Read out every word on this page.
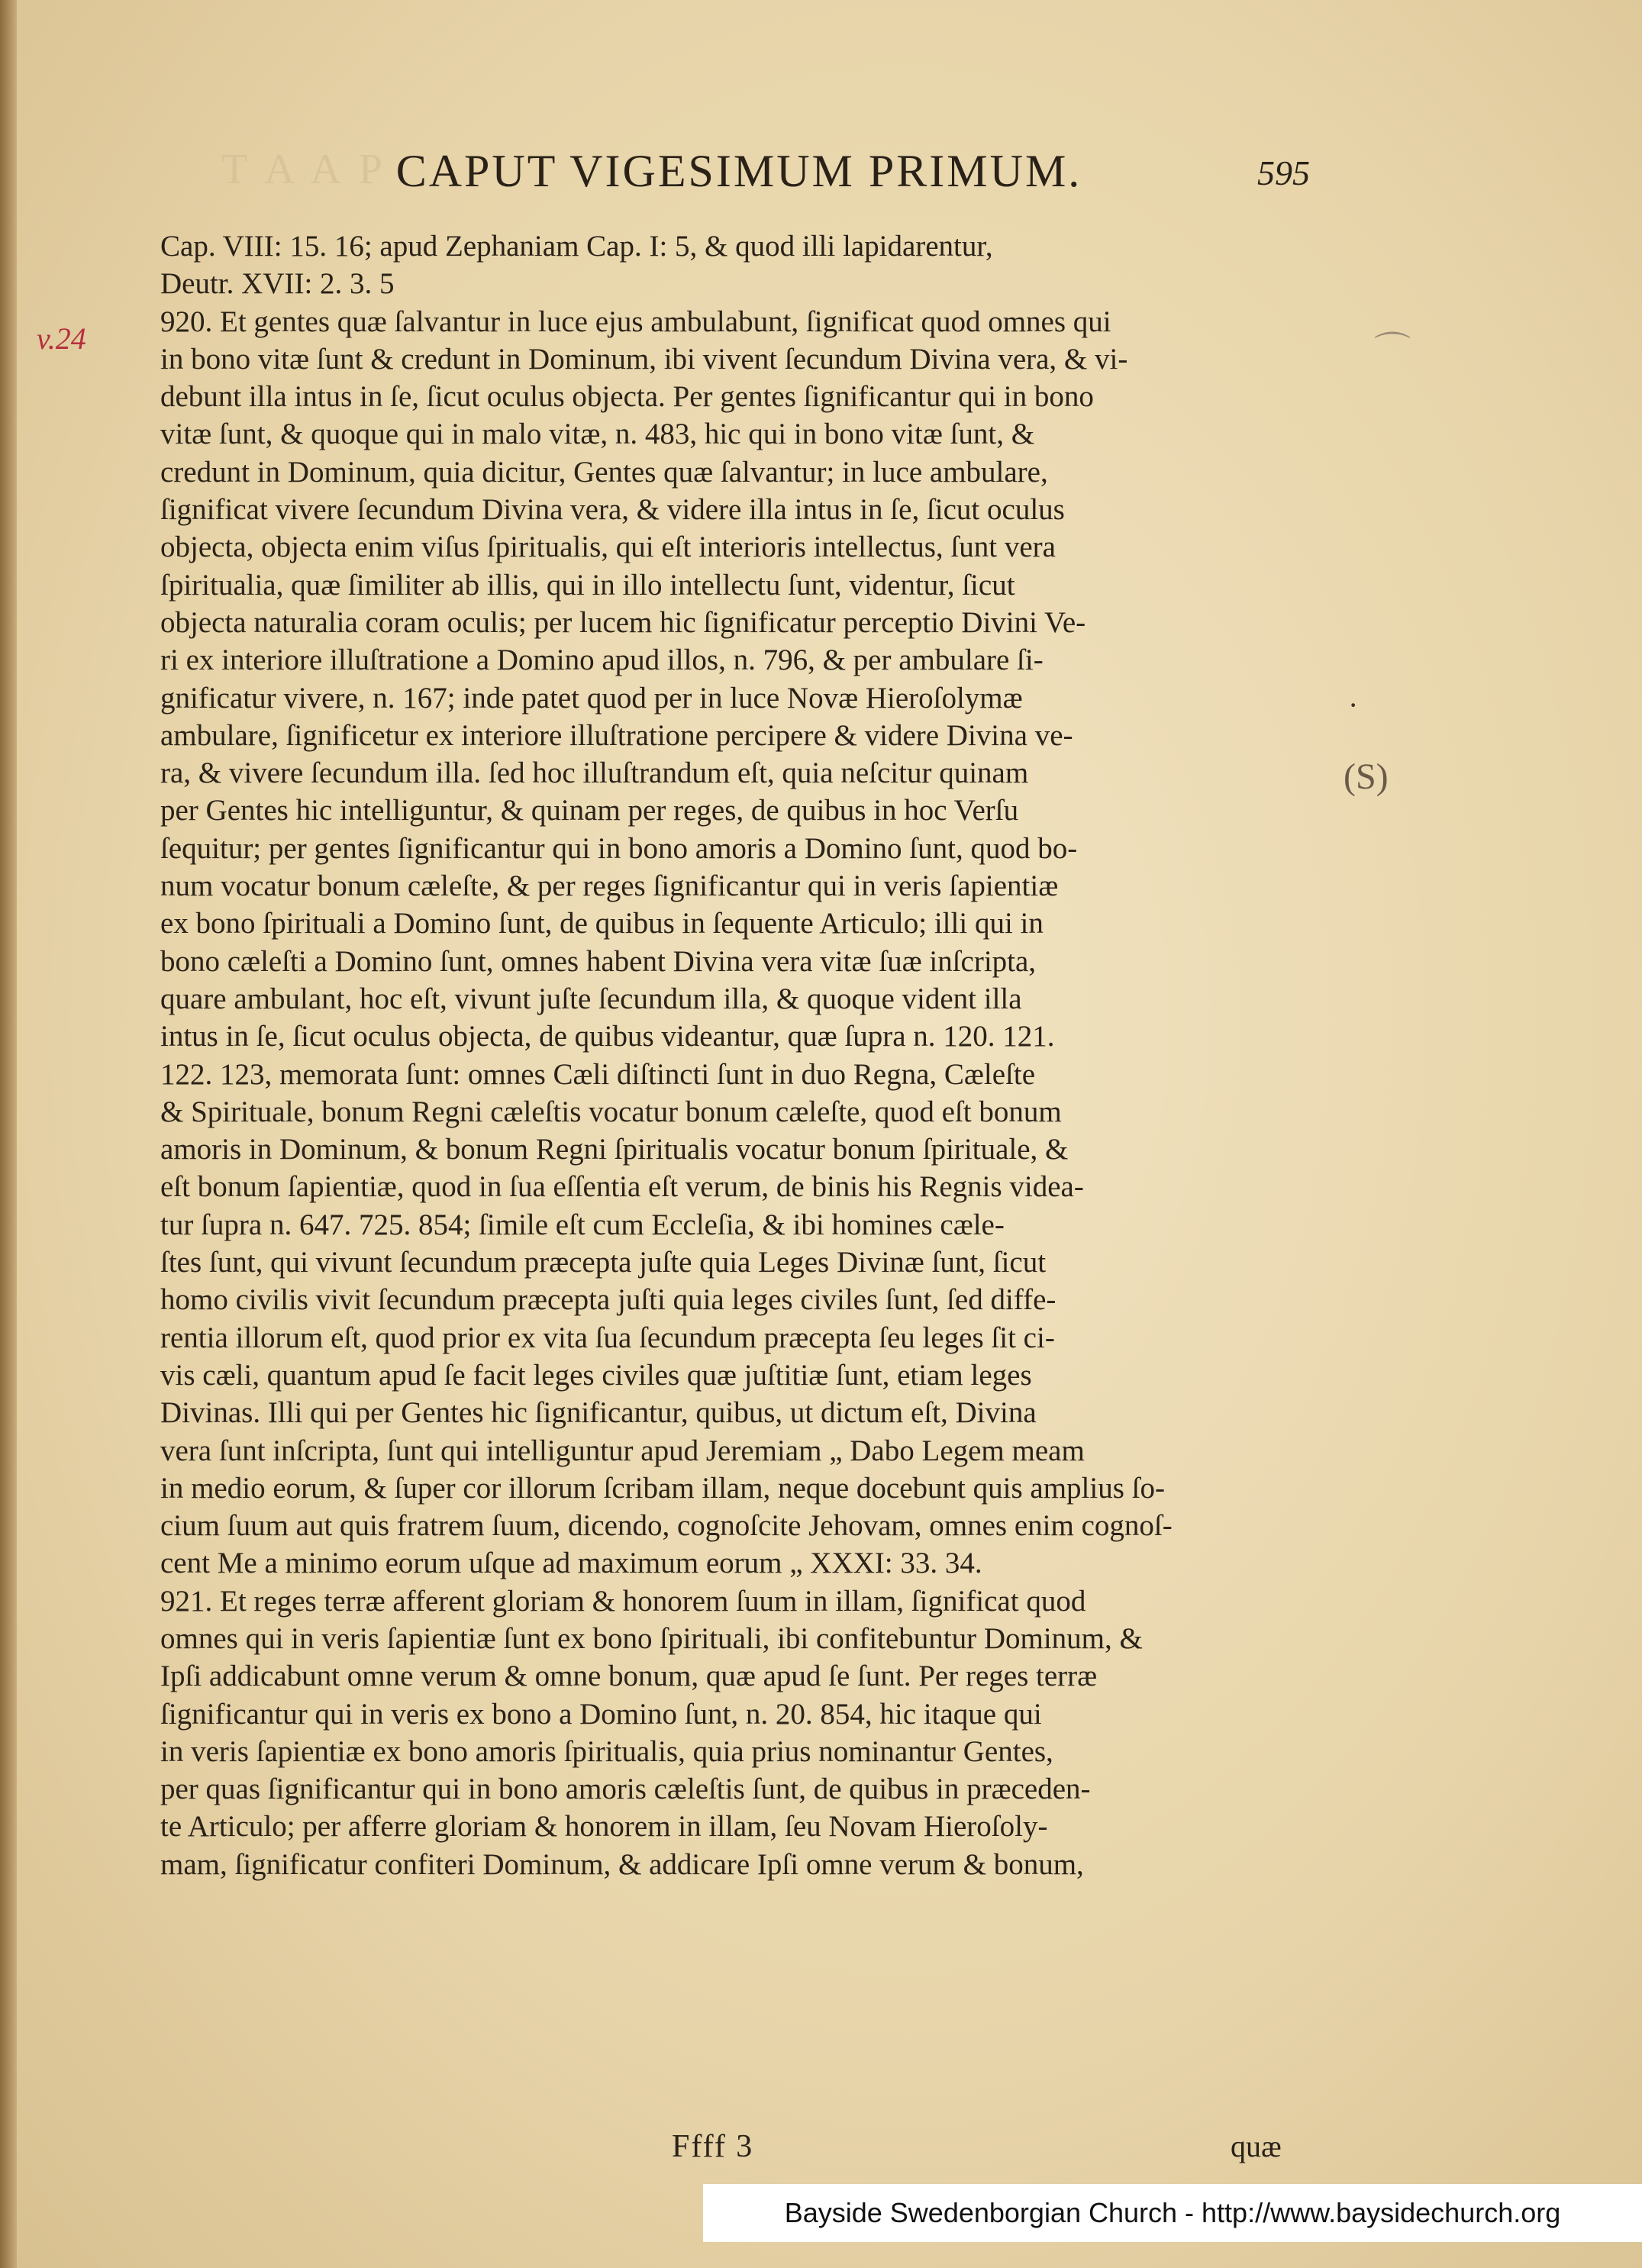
T A A P CAPUT VIGESIMUM PRIMUM.	595
v.24	⌒
·
(S)
Cap. VIII: 15. 16; apud Zephaniam Cap. I: 5, & quod illi lapidarentur,
Deutr. XVII: 2. 3. 5
920. Et gentes quæ ſalvantur in luce ejus ambulabunt, ſignificat quod omnes qui
in bono vitæ ſunt & credunt in Dominum, ibi vivent ſecundum Divina vera, & vi-
debunt illa intus in ſe, ſicut oculus objecta. Per gentes ſignificantur qui in bono
vitæ ſunt, & quoque qui in malo vitæ, n. 483, hic qui in bono vitæ ſunt, &
credunt in Dominum, quia dicitur, Gentes quæ ſalvantur; in luce ambulare,
ſignificat vivere ſecundum Divina vera, & videre illa intus in ſe, ſicut oculus
objecta, objecta enim viſus ſpiritualis, qui eſt interioris intellectus, ſunt vera
ſpiritualia, quæ ſimiliter ab illis, qui in illo intellectu ſunt, videntur, ſicut
objecta naturalia coram oculis; per lucem hic ſignificatur perceptio Divini Ve-
ri ex interiore illuſtratione a Domino apud illos, n. 796, & per ambulare ſi-
gnificatur vivere, n. 167; inde patet quod per in luce Novæ Hieroſolymæ
ambulare, ſignificetur ex interiore illuſtratione percipere & videre Divina ve-
ra, & vivere ſecundum illa. ſed hoc illuſtrandum eſt, quia neſcitur quinam
per Gentes hic intelliguntur, & quinam per reges, de quibus in hoc Verſu
ſequitur; per gentes ſignificantur qui in bono amoris a Domino ſunt, quod bo-
num vocatur bonum cæleſte, & per reges ſignificantur qui in veris ſapientiæ
ex bono ſpirituali a Domino ſunt, de quibus in ſequente Articulo; illi qui in
bono cæleſti a Domino ſunt, omnes habent Divina vera vitæ ſuæ inſcripta,
quare ambulant, hoc eſt, vivunt juſte ſecundum illa, & quoque vident illa
intus in ſe, ſicut oculus objecta, de quibus videantur, quæ ſupra n. 120. 121.
122. 123, memorata ſunt: omnes Cæli diſtincti ſunt in duo Regna, Cæleſte
& Spirituale, bonum Regni cæleſtis vocatur bonum cæleſte, quod eſt bonum
amoris in Dominum, & bonum Regni ſpiritualis vocatur bonum ſpirituale, &
eſt bonum ſapientiæ, quod in ſua eſſentia eſt verum, de binis his Regnis videa-
tur ſupra n. 647. 725. 854; ſimile eſt cum Eccleſia, & ibi homines cæle-
ſtes ſunt, qui vivunt ſecundum præcepta juſte quia Leges Divinæ ſunt, ſicut
homo civilis vivit ſecundum præcepta juſti quia leges civiles ſunt, ſed diffe-
rentia illorum eſt, quod prior ex vita ſua ſecundum præcepta ſeu leges ſit ci-
vis cæli, quantum apud ſe facit leges civiles quæ juſtitiæ ſunt, etiam leges
Divinas. Illi qui per Gentes hic ſignificantur, quibus, ut dictum eſt, Divina
vera ſunt inſcripta, ſunt qui intelliguntur apud Jeremiam „ Dabo Legem meam
in medio eorum, & ſuper cor illorum ſcribam illam, neque docebunt quis amplius ſo-
cium ſuum aut quis fratrem ſuum, dicendo, cognoſcite Jehovam, omnes enim cognoſ-
cent Me a minimo eorum uſque ad maximum eorum „ XXXI: 33. 34.
921. Et reges terræ afferent gloriam & honorem ſuum in illam, ſignificat quod
omnes qui in veris ſapientiæ ſunt ex bono ſpirituali, ibi confitebuntur Dominum, &
Ipſi addicabunt omne verum & omne bonum, quæ apud ſe ſunt. Per reges terræ
ſignificantur qui in veris ex bono a Domino ſunt, n. 20. 854, hic itaque qui
in veris ſapientiæ ex bono amoris ſpiritualis, quia prius nominantur Gentes,
per quas ſignificantur qui in bono amoris cæleſtis ſunt, de quibus in præceden-
te Articulo; per afferre gloriam & honorem in illam, ſeu Novam Hieroſoly-
mam, ſignificatur confiteri Dominum, & addicare Ipſi omne verum & bonum,
Ffff 3	quæ
Bayside Swedenborgian Church - http://www.baysidechurch.org
